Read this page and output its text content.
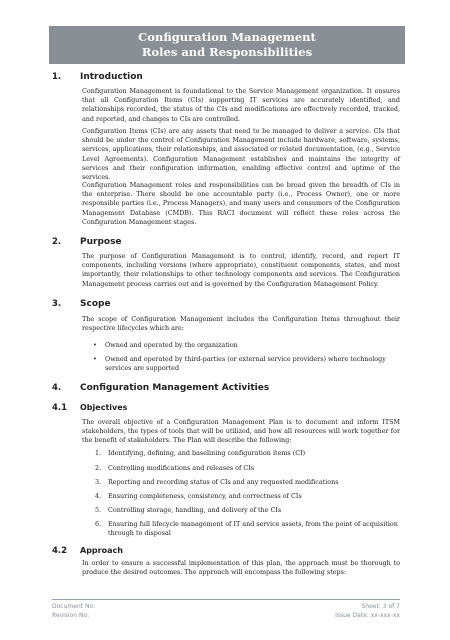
Configuration Management
Roles and Responsibilities
1. Introduction
Configuration Management is foundational to the Service Management organization. It ensures that all Configuration Items (CIs) supporting IT services are accurately identified, and relationships recorded, the status of the CIs and modifications are effectively recorded, tracked, and reported, and changes to CIs are controlled.
Configuration Items (CIs) are any assets that need to be managed to deliver a service. CIs that should be under the control of Configuration Management include hardware, software, systems, services, applications, their relationships, and associated or related documentation, (e.g., Service Level Agreements). Configuration Management establishes and maintains the integrity of services and their configuration information, enabling effective control and uptime of the services.
Configuration Management roles and responsibilities can be broad given the breadth of CIs in the enterprise. There should be one accountable party (i.e., Process Owner), one or more responsible parties (i.e., Process Managers), and many users and consumers of the Configuration Management Database (CMDB). This RACI document will reflect these roles across the Configuration Management stages.
2. Purpose
The purpose of Configuration Management is to control, identify, record, and report IT components, including versions (where appropriate), constituent components, states, and most importantly, their relationships to other technology components and services. The Configuration Management process carries out and is governed by the Configuration Management Policy.
3. Scope
The scope of Configuration Management includes the Configuration Items throughout their respective lifecycles which are:
• Owned and operated by the organization
• Owned and operated by third-parties (or external service providers) where technology services are supported
4. Configuration Management Activities
4.1 Objectives
The overall objective of a Configuration Management Plan is to document and inform ITSM stakeholders, the types of tools that will be utilized, and how all resources will work together for the benefit of stakeholders. The Plan will describe the following:
1. Identifying, defining, and baselining configuration items (CI)
2. Controlling modifications and releases of CIs
3. Reporting and recording status of CIs and any requested modifications
4. Ensuring completeness, consistency, and correctness of CIs
5. Controlling storage, handling, and delivery of the CIs
6. Ensuring full lifecycle management of IT and service assets, from the point of acquisition through to disposal
4.2 Approach
In order to ensure a successful implementation of this plan, the approach must be thorough to produce the desired outcomes. The approach will encompass the following steps:
Document No:
Revision No:
Sheet: 3 of 7
Issue Date: xx-xxx-xx
